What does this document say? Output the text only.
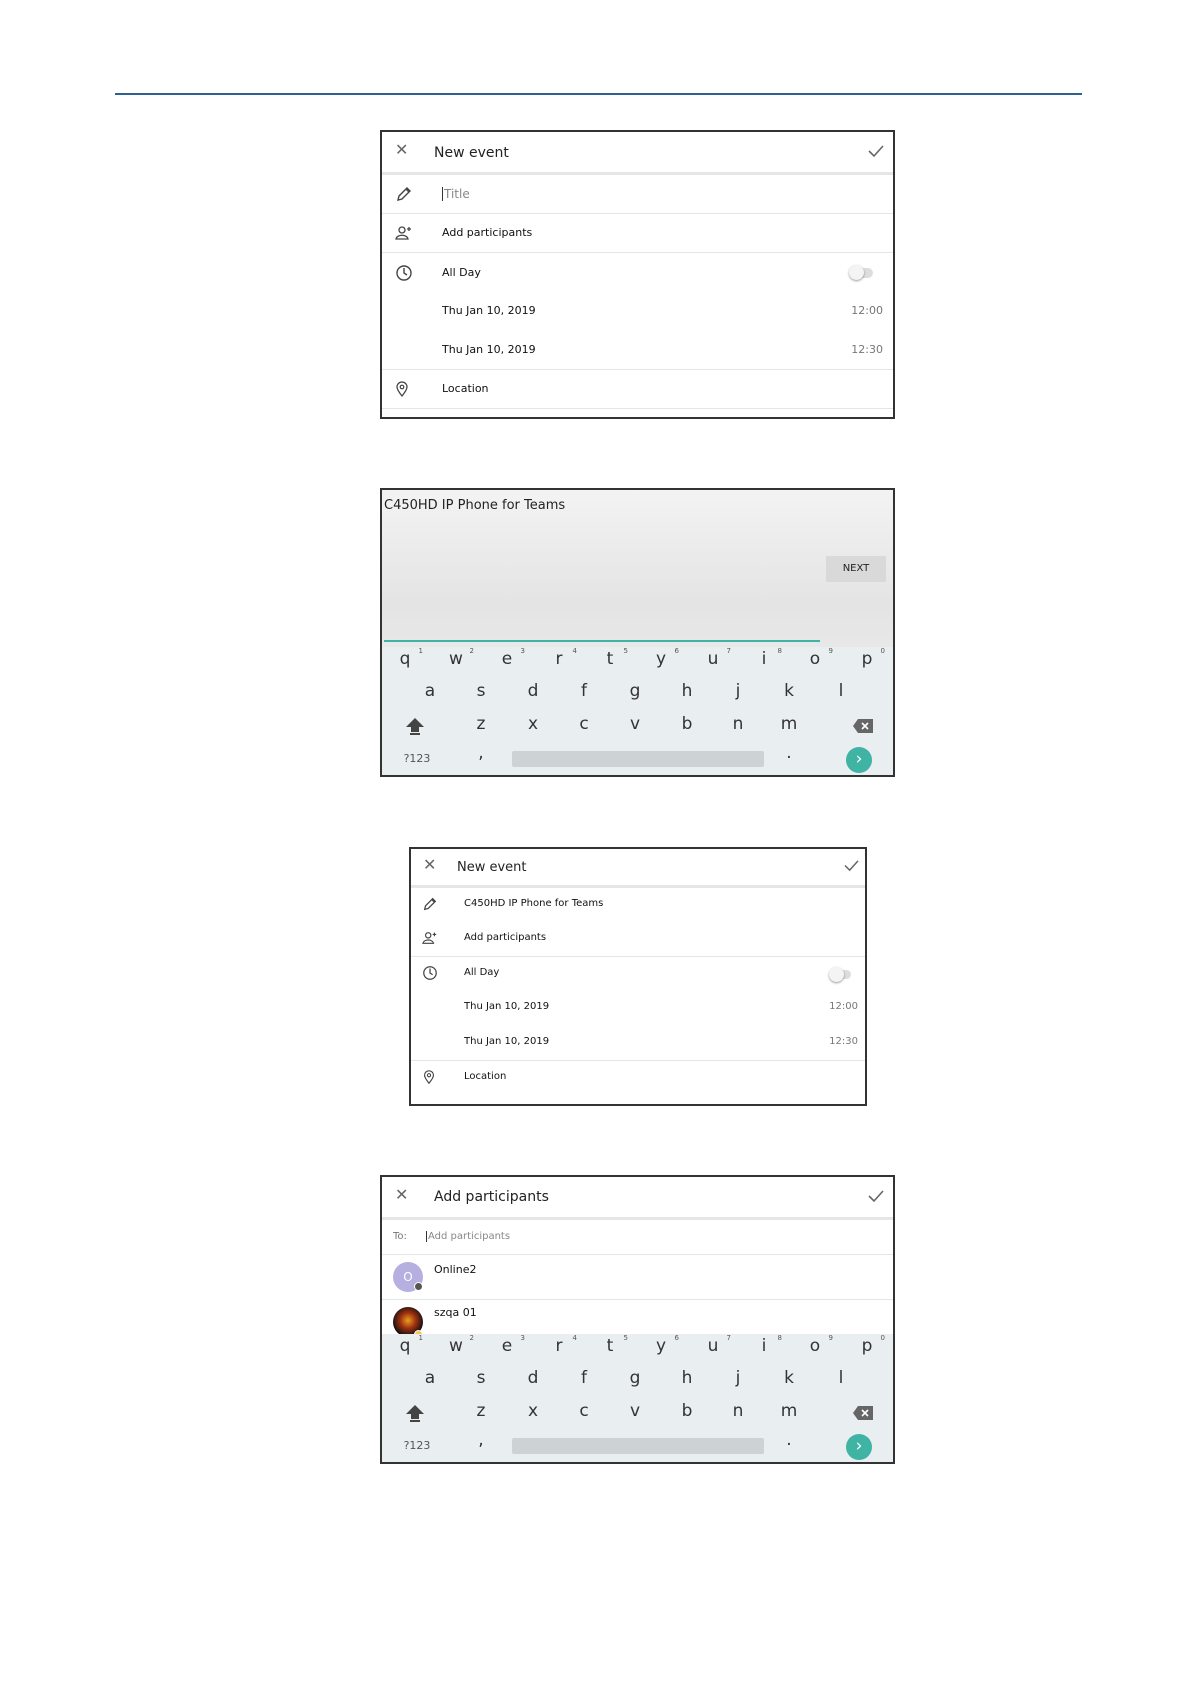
✕ New event
Title
Add participants
All Day
Thu Jan 10, 2019	12:00
Thu Jan 10, 2019	12:30
Location
C450HD IP Phone for Teams
NEXT
q 1	w 2	e 3	r 4	t 5	y 6	u 7	i 8	o 9	p 0
a	s	d	f	g	h	j	k	l
z	x	c	v	b	n	m
?123	,	.	›
✕ New event
C450HD IP Phone for Teams
Add participants
All Day
Thu Jan 10, 2019	12:00
Thu Jan 10, 2019	12:30
Location
✕ Add participants
To: Add participants
O
Online2
szqa 01
q 1	w 2	e 3	r 4	t 5	y 6	u 7	i 8	o 9	p 0
a	s	d	f	g	h	j	k	l
z	x	c	v	b	n	m
?123	,	.	›
